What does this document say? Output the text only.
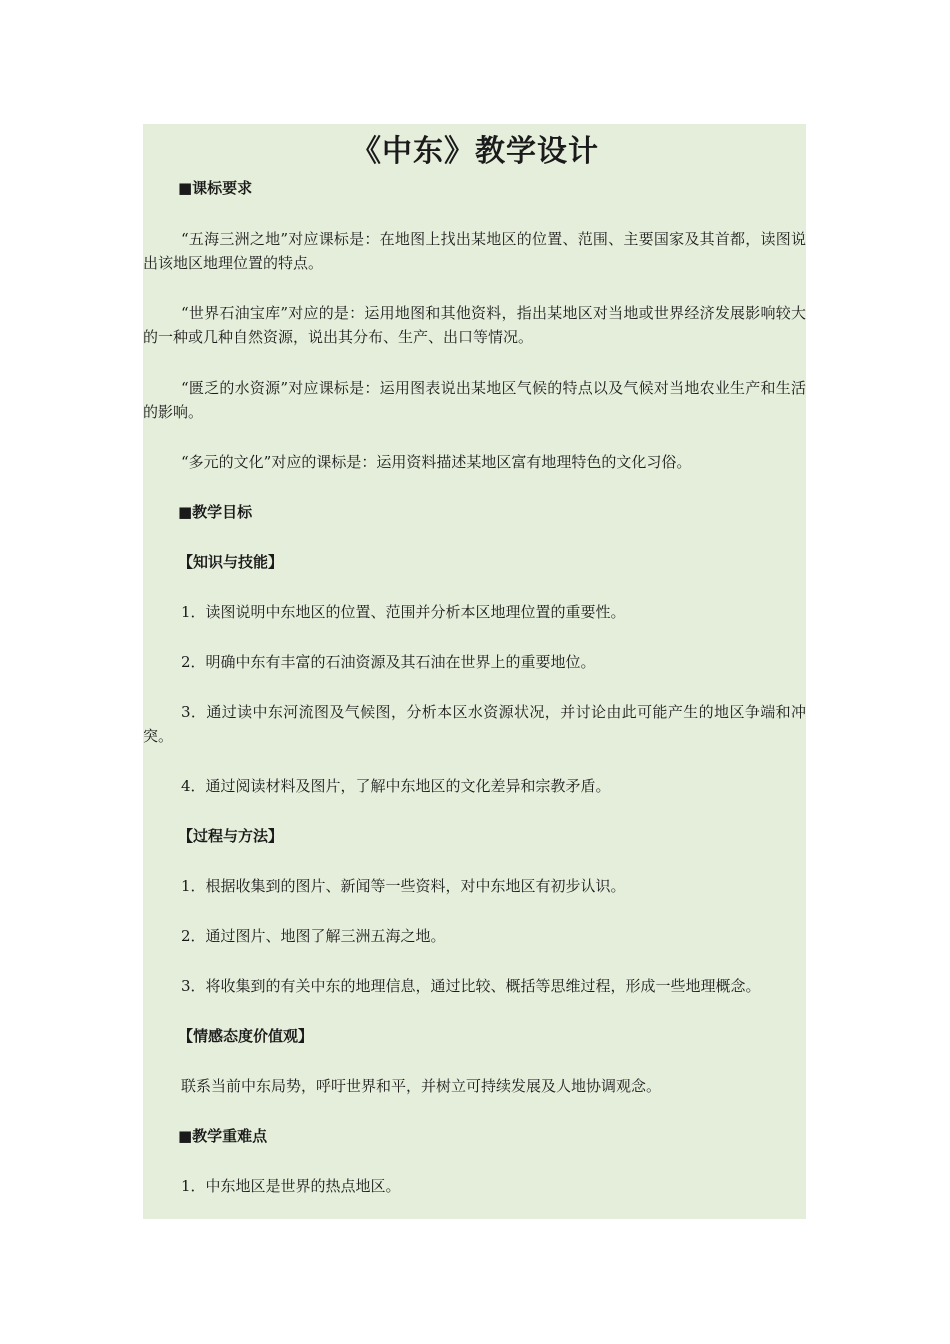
《中东》教学设计
■课标要求
“五海三洲之地”对应课标是：在地图上找出某地区的位置、范围、主要国家及其首都，读图说出该地区地理位置的特点。
“世界石油宝库”对应的是：运用地图和其他资料，指出某地区对当地或世界经济发展影响较大的一种或几种自然资源，说出其分布、生产、出口等情况。
“匮乏的水资源”对应课标是：运用图表说出某地区气候的特点以及气候对当地农业生产和生活的影响。
“多元的文化”对应的课标是：运用资料描述某地区富有地理特色的文化习俗。
■教学目标
【知识与技能】
1．读图说明中东地区的位置、范围并分析本区地理位置的重要性。
2．明确中东有丰富的石油资源及其石油在世界上的重要地位。
3．通过读中东河流图及气候图，分析本区水资源状况，并讨论由此可能产生的地区争端和冲突。
4．通过阅读材料及图片，了解中东地区的文化差异和宗教矛盾。
【过程与方法】
1．根据收集到的图片、新闻等一些资料，对中东地区有初步认识。
2．通过图片、地图了解三洲五海之地。
3．将收集到的有关中东的地理信息，通过比较、概括等思维过程，形成一些地理概念。
【情感态度价值观】
联系当前中东局势，呼吁世界和平，并树立可持续发展及人地协调观念。
■教学重难点
1．中东地区是世界的热点地区。
